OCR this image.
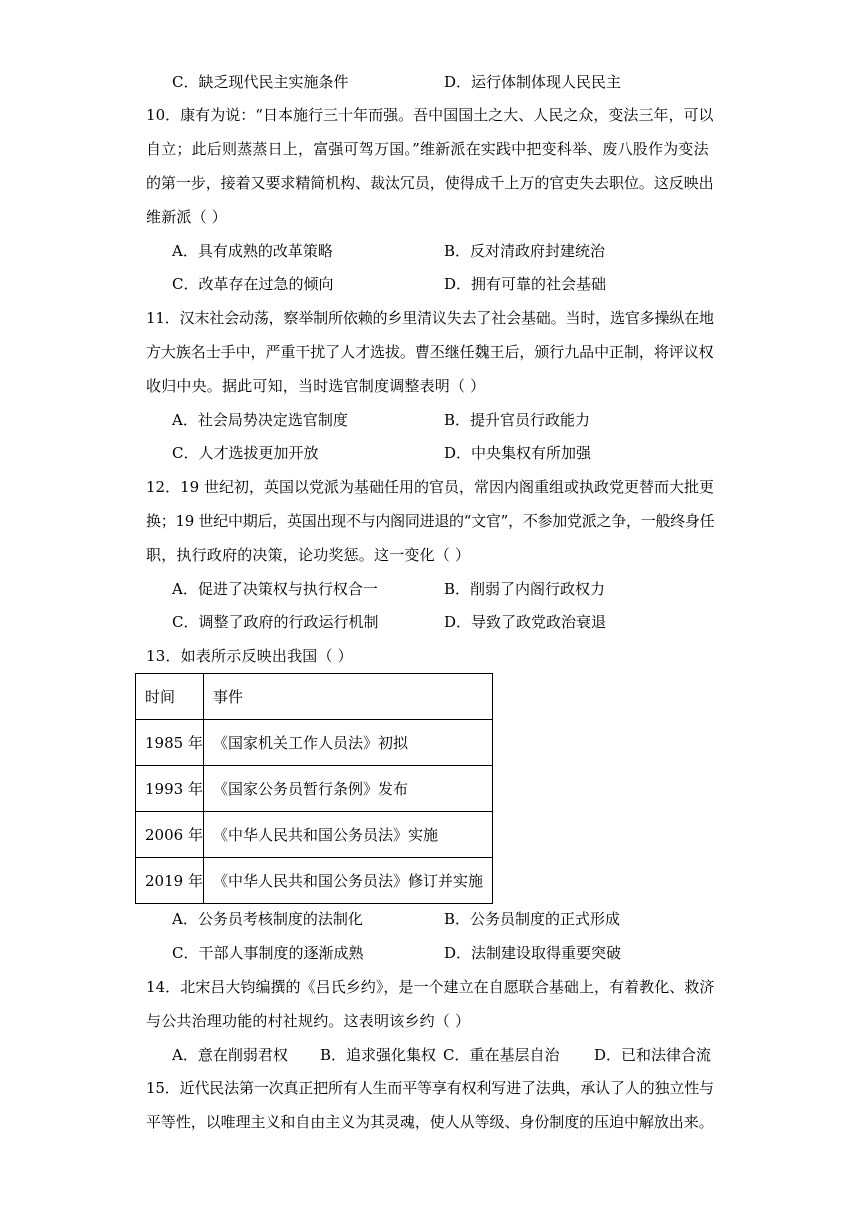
C．缺乏现代民主实施条件	D．运行体制体现人民民主
10．康有为说：“日本施行三十年而强。吾中国国土之大、人民之众，变法三年，可以
自立；此后则蒸蒸日上，富强可驾万国。”维新派在实践中把变科举、废八股作为变法
的第一步，接着又要求精简机构、裁汰冗员，使得成千上万的官吏失去职位。这反映出
维新派（ ）
A．具有成熟的改革策略	B．反对清政府封建统治
C．改革存在过急的倾向	D．拥有可靠的社会基础
11．汉末社会动荡，察举制所依赖的乡里清议失去了社会基础。当时，选官多操纵在地
方大族名士手中，严重干扰了人才选拔。曹丕继任魏王后，颁行九品中正制，将评议权
收归中央。据此可知，当时选官制度调整表明（ ）
A．社会局势决定选官制度	B．提升官员行政能力
C．人才选拔更加开放	D．中央集权有所加强
12．19 世纪初，英国以党派为基础任用的官员，常因内阁重组或执政党更替而大批更
换；19 世纪中期后，英国出现不与内阁同进退的“文官”，不参加党派之争，一般终身任
职，执行政府的决策，论功奖惩。这一变化（ ）
A．促进了决策权与执行权合一	B．削弱了内阁行政权力
C．调整了政府的行政运行机制	D．导致了政党政治衰退
13．如表所示反映出我国（ ）
时间	事件
1985 年	《国家机关工作人员法》初拟
1993 年	《国家公务员暂行条例》发布
2006 年	《中华人民共和国公务员法》实施
2019 年	《中华人民共和国公务员法》修订并实施
A．公务员考核制度的法制化	B．公务员制度的正式形成
C．干部人事制度的逐渐成熟	D．法制建设取得重要突破
14．北宋吕大钧编撰的《吕氏乡约》，是一个建立在自愿联合基础上，有着教化、救济
与公共治理功能的村社规约。这表明该乡约（ ）
A．意在削弱君权 B．追求强化集权 C．重在基层自治 D．已和法律合流
15．近代民法第一次真正把所有人生而平等享有权利写进了法典，承认了人的独立性与
平等性，以唯理主义和自由主义为其灵魂，使人从等级、身份制度的压迫中解放出来。
